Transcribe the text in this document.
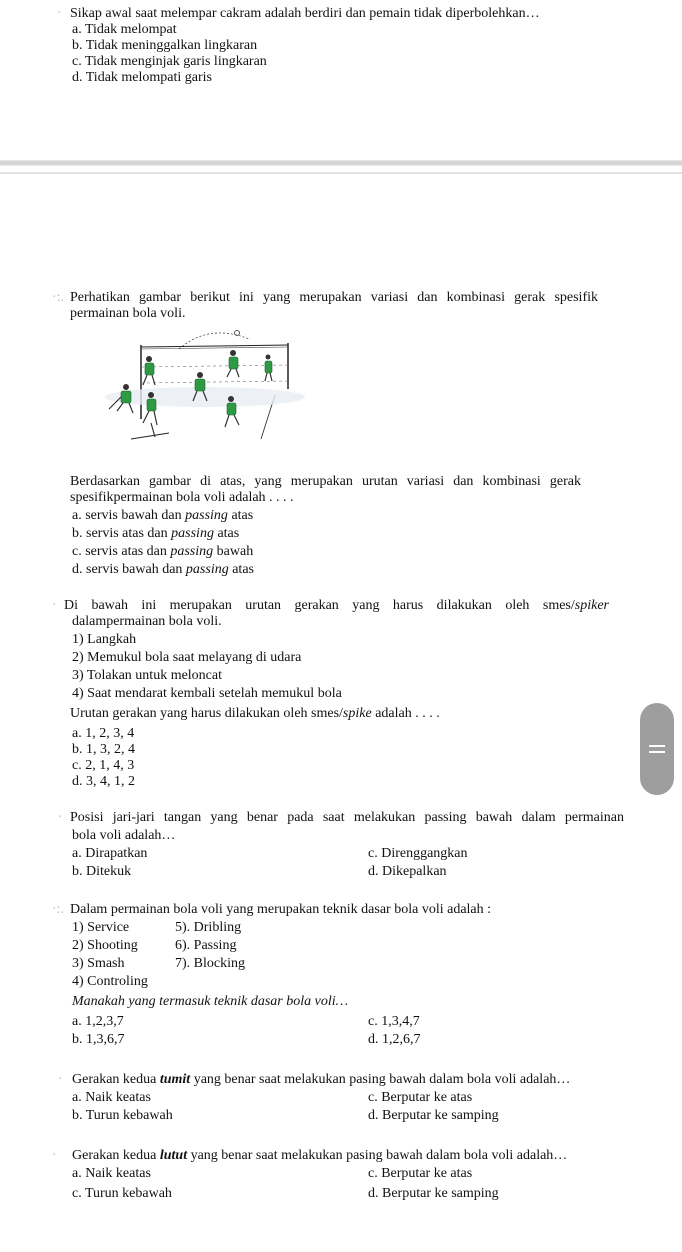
· Sikap awal saat melempar cakram adalah berdiri dan pemain tidak diperbolehkan…
a. Tidak melompat
b. Tidak meninggalkan lingkaran
c. Tidak menginjak garis lingkaran
d. Tidak melompati garis
·:. Perhatikan gambar berikut ini yang merupakan variasi dan kombinasi gerak spesifik
permainan bola voli.
Berdasarkan gambar di atas, yang merupakan urutan variasi dan kombinasi gerak
spesifikpermainan bola voli adalah . . . .
a. servis bawah dan passing atas
b. servis atas dan passing atas
c. servis atas dan passing bawah
d. servis bawah dan passing atas
· Di bawah ini merupakan urutan gerakan yang harus dilakukan oleh smes/spiker
dalampermainan bola voli.
1) Langkah
2) Memukul bola saat melayang di udara
3) Tolakan untuk meloncat
4) Saat mendarat kembali setelah memukul bola
Urutan gerakan yang harus dilakukan oleh smes/spike adalah . . . .
a. 1, 2, 3, 4
b. 1, 3, 2, 4
c. 2, 1, 4, 3
d. 3, 4, 1, 2
· Posisi jari-jari tangan yang benar pada saat melakukan passing bawah dalam permainan
bola voli adalah…
a. Dirapatkan
b. Ditekuk
c. Direnggangkan
d. Dikepalkan
·:. Dalam permainan bola voli yang merupakan teknik dasar bola voli adalah :
1) Service
2) Shooting
3) Smash
4) Controling
5). Dribling
6). Passing
7). Blocking
Manakah yang termasuk teknik dasar bola voli…
a. 1,2,3,7
b. 1,3,6,7
c. 1,3,4,7
d. 1,2,6,7
· Gerakan kedua tumit yang benar saat melakukan pasing bawah dalam bola voli adalah…
a. Naik keatas
b. Turun kebawah
c. Berputar ke atas
d. Berputar ke samping
· Gerakan kedua lutut yang benar saat melakukan pasing bawah dalam bola voli adalah…
a. Naik keatas
c. Turun kebawah
c. Berputar ke atas
d. Berputar ke samping
